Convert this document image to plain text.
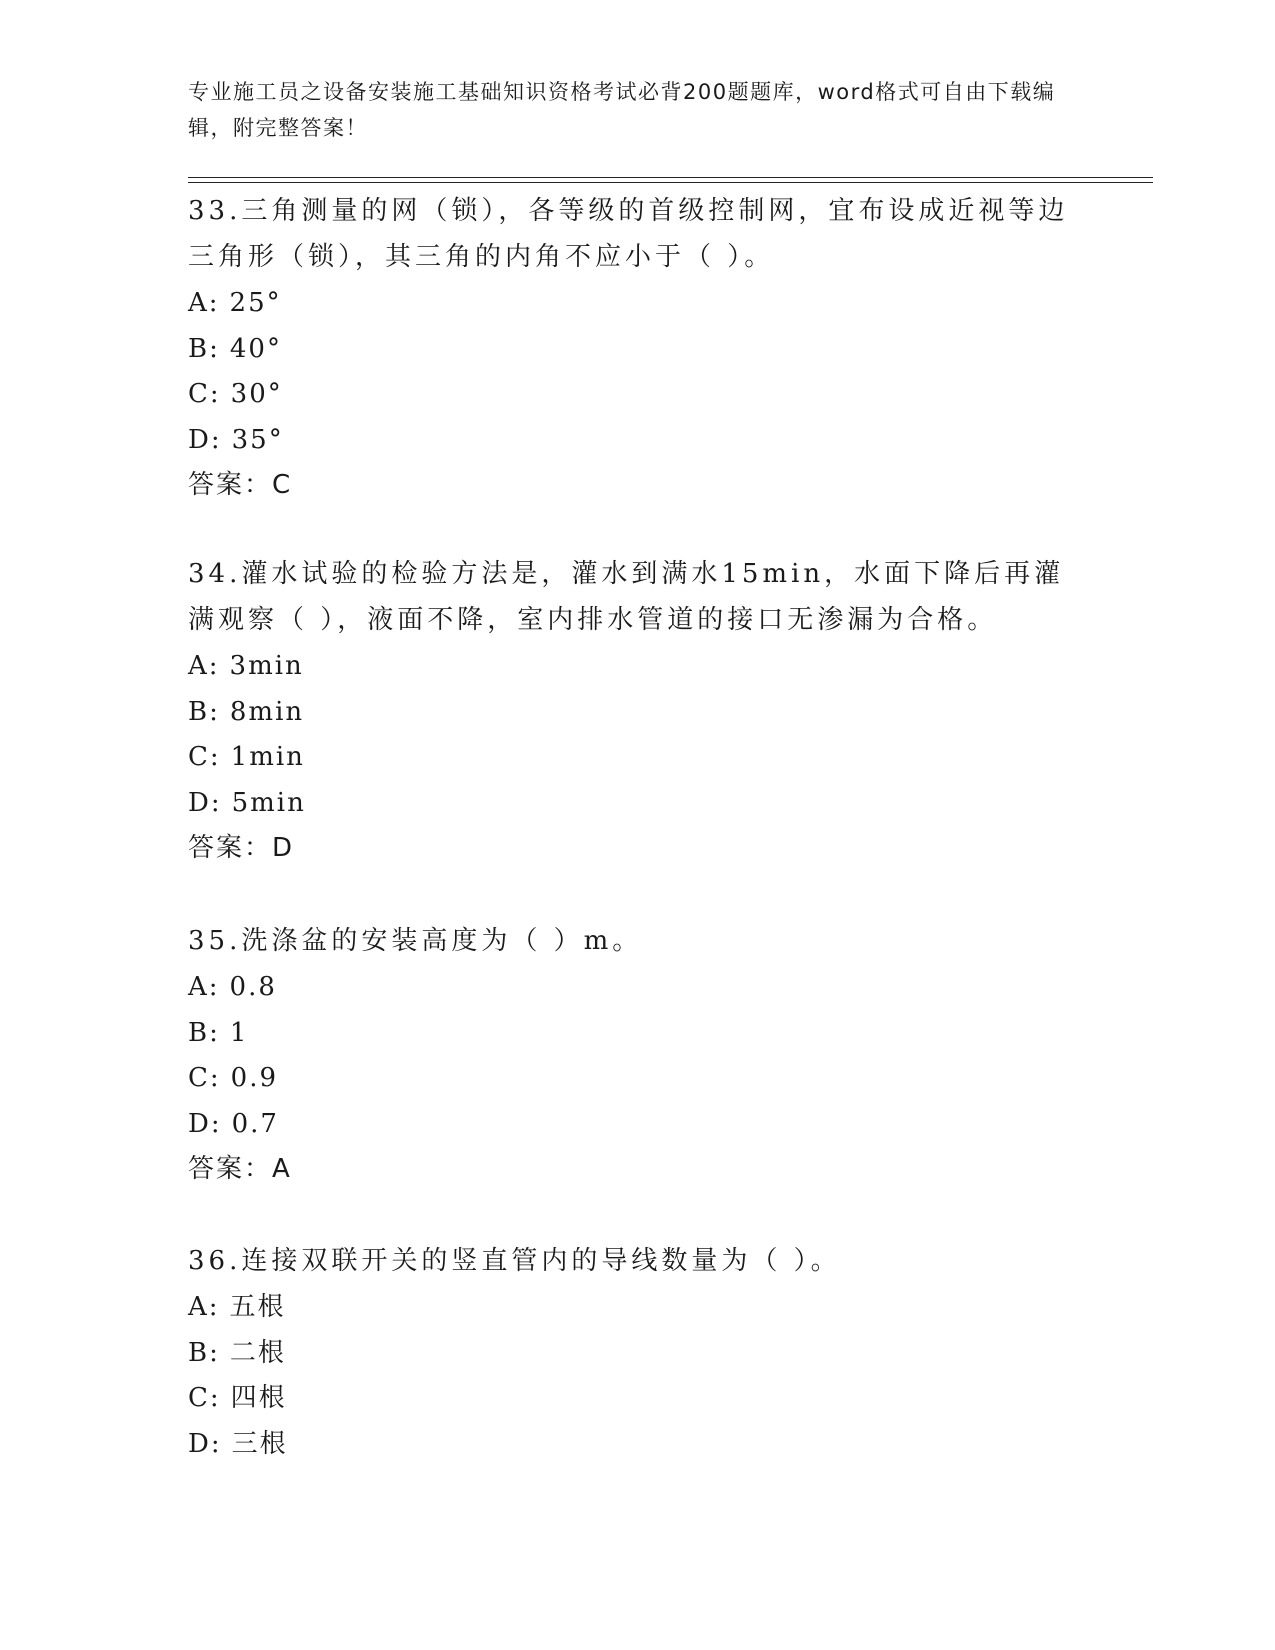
专业施工员之设备安装施工基础知识资格考试必背200题题库，word格式可自由下载编辑，附完整答案！

33.三角测量的网（锁），各等级的首级控制网，宜布设成近视等边三角形（锁），其三角的内角不应小于（ ）。

A: 25°
B: 40°
C: 30°
D: 35°
答案：C

34.灌水试验的检验方法是，灌水到满水15min，水面下降后再灌满观察（ ），液面不降，室内排水管道的接口无渗漏为合格。

A: 3min
B: 8min
C: 1min
D: 5min
答案：D

35.洗涤盆的安装高度为（ ）m。

A: 0.8
B: 1
C: 0.9
D: 0.7
答案：A

36.连接双联开关的竖直管内的导线数量为（ ）。

A: 五根
B: 二根
C: 四根
D: 三根
